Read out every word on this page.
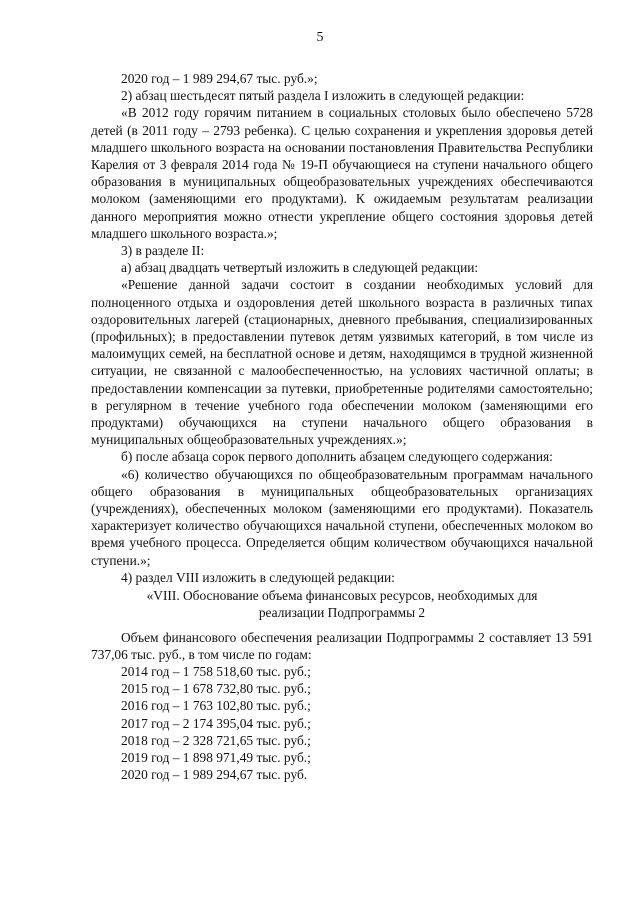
5

2020 год – 1 989 294,67 тыс. руб.»;

2) абзац шестьдесят пятый раздела I изложить в следующей редакции:

«В 2012 году горячим питанием в социальных столовых было обеспечено 5728 детей (в 2011 году – 2793 ребенка). С целью сохранения и укрепления здоровья детей младшего школьного возраста на основании постановления Правительства Республики Карелия от 3 февраля 2014 года № 19-П обучающиеся на ступени начального общего образования в муниципальных общеобразовательных учреждениях обеспечиваются молоком (заменяющими его продуктами). К ожидаемым результатам реализации данного мероприятия можно отнести укрепление общего состояния здоровья детей младшего школьного возраста.»;

3) в разделе II:

а) абзац двадцать четвертый изложить в следующей редакции:

«Решение данной задачи состоит в создании необходимых условий для полноценного отдыха и оздоровления детей школьного возраста в различных типах оздоровительных лагерей (стационарных, дневного пребывания, специализированных (профильных); в предоставлении путевок детям уязвимых категорий, в том числе из малоимущих семей, на бесплатной основе и детям, находящимся в трудной жизненной ситуации, не связанной с малообеспеченностью, на условиях частичной оплаты; в предоставлении компенсации за путевки, приобретенные родителями самостоятельно; в регулярном в течение учебного года обеспечении молоком (заменяющими его продуктами) обучающихся на ступени начального общего образования в муниципальных общеобразовательных учреждениях.»;

б) после абзаца сорок первого дополнить абзацем следующего содержания:

«6) количество обучающихся по общеобразовательным программам начального общего образования в муниципальных общеобразовательных организациях (учреждениях), обеспеченных молоком (заменяющими его продуктами). Показатель характеризует количество обучающихся начальной ступени, обеспеченных молоком во время учебного процесса. Определяется общим количеством обучающихся начальной ступени.»;

4) раздел VIII изложить в следующей редакции:

«VIII. Обоснование объема финансовых ресурсов, необходимых для
реализации Подпрограммы 2

Объем финансового обеспечения реализации Подпрограммы 2 составляет 13 591 737,06 тыс. руб., в том числе по годам:

2014 год – 1 758 518,60 тыс. руб.;
2015 год – 1 678 732,80 тыс. руб.;
2016 год – 1 763 102,80 тыс. руб.;
2017 год – 2 174 395,04 тыс. руб.;
2018 год – 2 328 721,65 тыс. руб.;
2019 год – 1 898 971,49 тыс. руб.;
2020 год – 1 989 294,67 тыс. руб.
